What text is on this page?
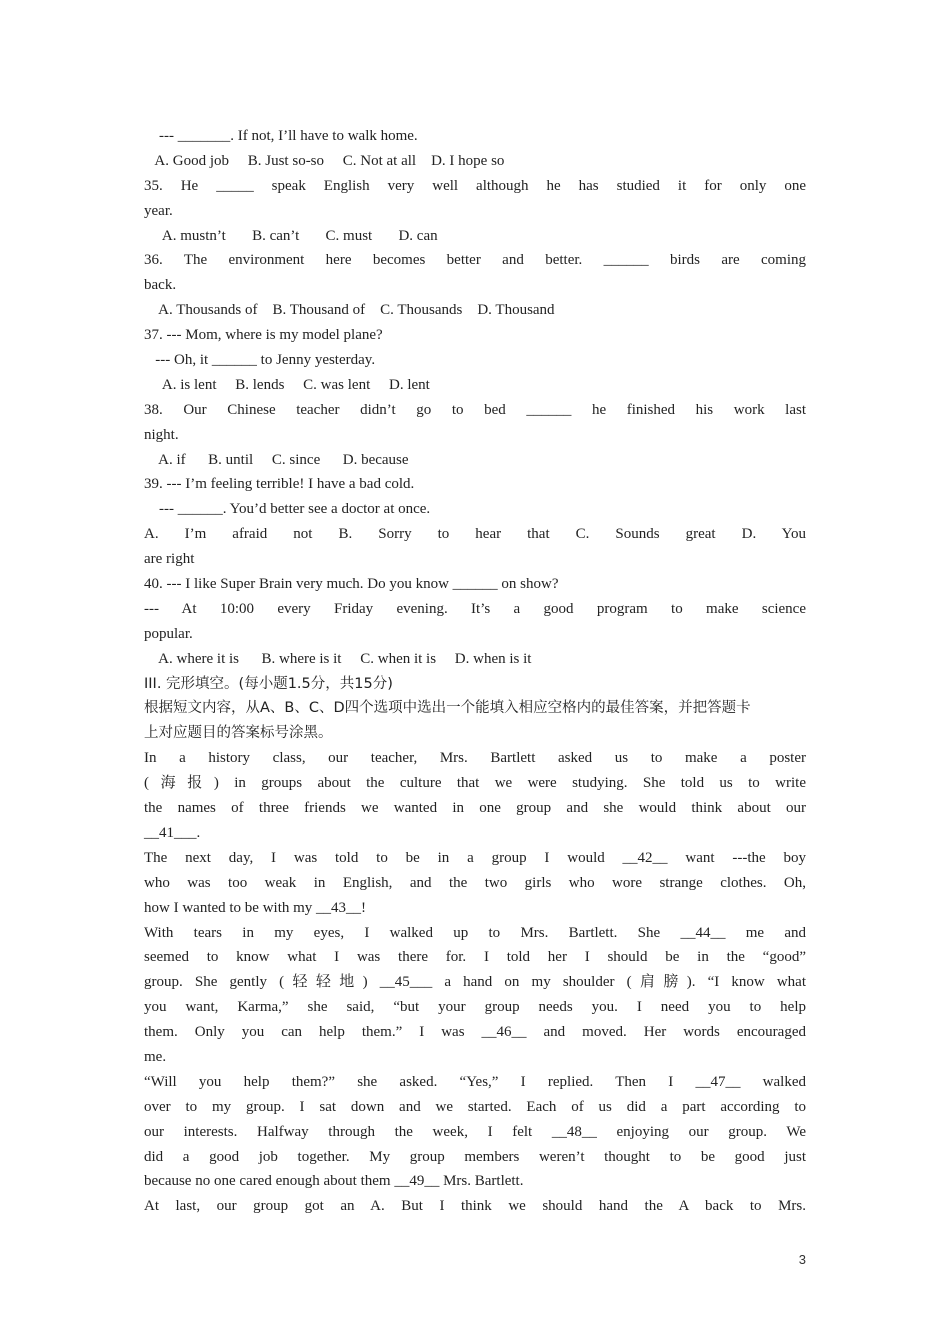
--- _______. If not, I’ll have to walk home.
A. Good job     B. Just so-so     C. Not at all    D. I hope so
35. He _____ speak English very well although he has studied it for only one
year.
A. mustn’t       B. can’t       C. must       D. can
36. The environment here becomes better and better. ______ birds are coming
back.
A. Thousands of    B. Thousand of    C. Thousands    D. Thousand
37. --- Mom, where is my model plane?
--- Oh, it ______ to Jenny yesterday.
A. is lent     B. lends     C. was lent     D. lent
38. Our Chinese teacher didn’t go to bed ______ he finished his work last
night.
A. if      B. until     C. since      D. because
39. --- I’m feeling terrible! I have a bad cold.
--- ______. You’d better see a doctor at once.
A. I’m afraid not B. Sorry to hear that C. Sounds great D. You
are right
40. --- I like Super Brain very much. Do you know ______ on show?
--- At 10:00 every Friday evening. It’s a good program to make science
popular.
A. where it is      B. where is it     C. when it is     D. when is it
III. 完形填空。(每小题1.5分，共15分)
根据短文内容，从A、B、C、D四个选项中选出一个能填入相应空格内的最佳答案，并把答题卡
上对应题目的答案标号涂黑。
In a history class, our teacher, Mrs. Bartlett asked us to make a poster
(海报) in groups about the culture that we were studying. She told us to write
the names of three friends we wanted in one group and she would think about our
__41___.
The next day, I was told to be in a group I would __42__ want ---the boy
who was too weak in English, and the two girls who wore strange clothes. Oh,
how I wanted to be with my __43__!
With tears in my eyes, I walked up to Mrs. Bartlett. She __44__ me and
seemed to know what I was there for. I told her I should be in the “good”
group. She gently (轻轻地) __45___ a hand on my shoulder (肩膀). “I know what
you want, Karma,” she said, “but your group needs you. I need you to help
them. Only you can help them.” I was __46__ and moved. Her words encouraged
me.
“Will you help them?” she asked. “Yes,” I replied. Then I __47__ walked
over to my group. I sat down and we started. Each of us did a part according to
our interests. Halfway through the week, I felt __48__ enjoying our group. We
did a good job together. My group members weren’t thought to be good just
because no one cared enough about them __49__ Mrs. Bartlett.
At last, our group got an A. But I think we should hand the A back to Mrs.
3
